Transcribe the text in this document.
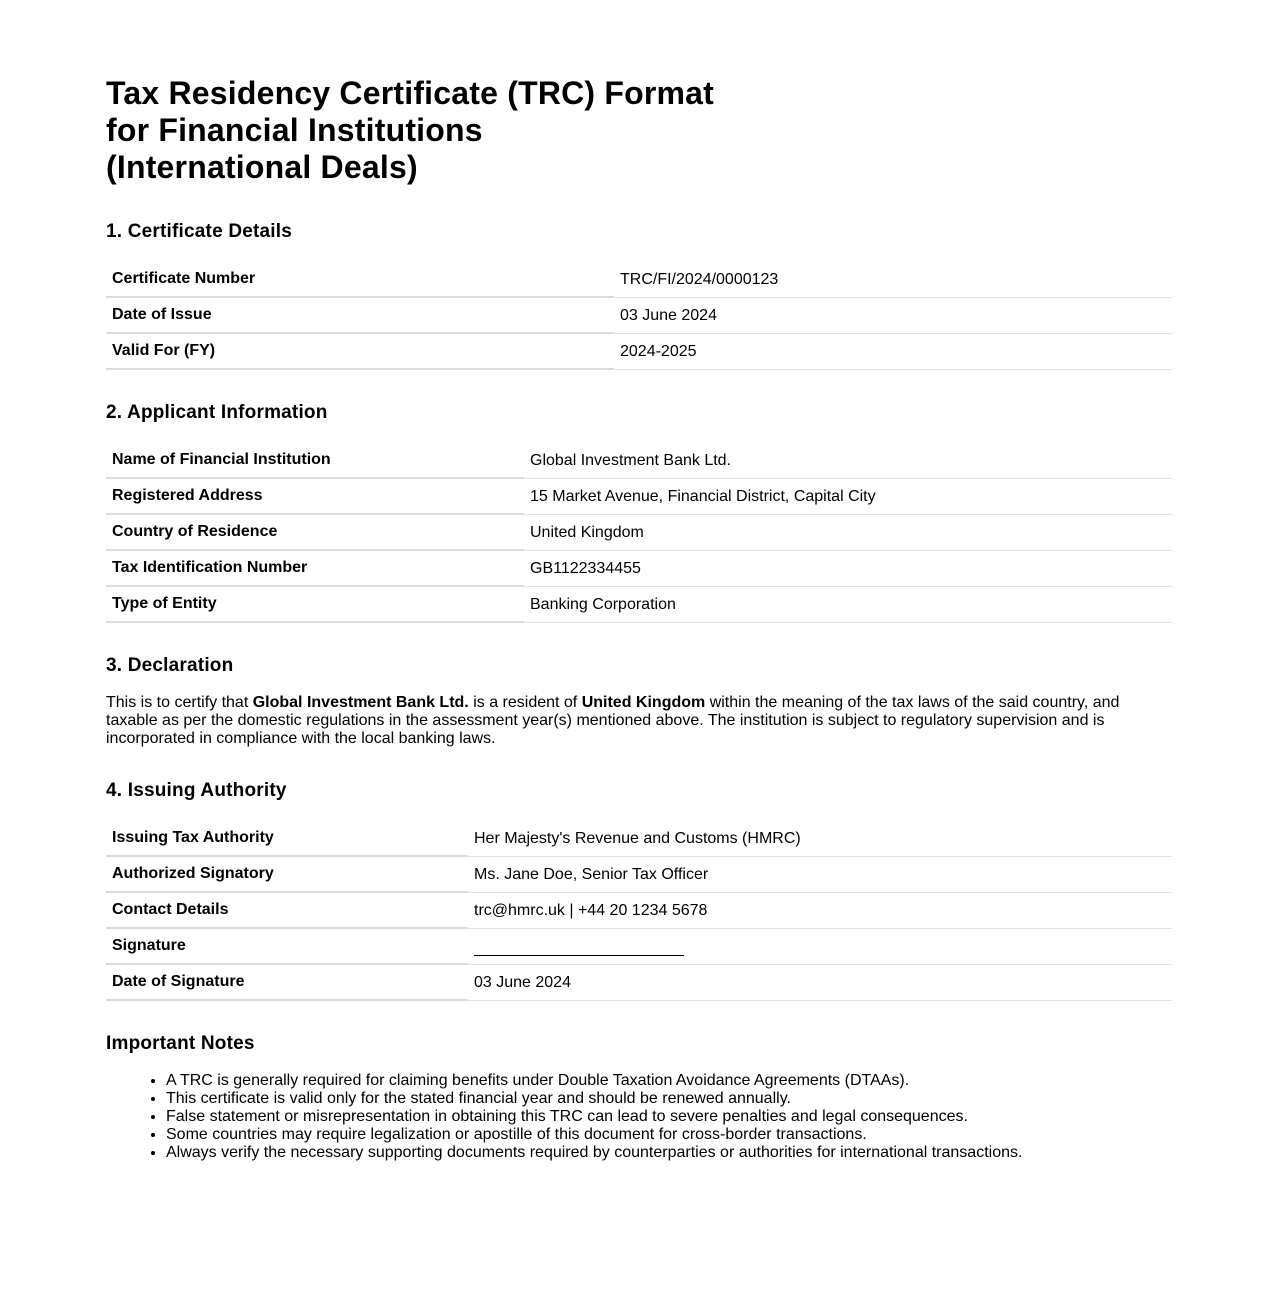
Tax Residency Certificate (TRC) Format
for Financial Institutions
(International Deals)
1. Certificate Details
Certificate Number	TRC/FI/2024/0000123
Date of Issue	03 June 2024
Valid For (FY)	2024-2025
2. Applicant Information
Name of Financial Institution	Global Investment Bank Ltd.
Registered Address	15 Market Avenue, Financial District, Capital City
Country of Residence	United Kingdom
Tax Identification Number	GB1122334455
Type of Entity	Banking Corporation
3. Declaration

This is to certify that Global Investment Bank Ltd. is a resident of United Kingdom within the meaning of the tax laws of the said country, and taxable as per the domestic regulations in the assessment year(s) mentioned above. The institution is subject to regulatory supervision and is incorporated in compliance with the local banking laws.

4. Issuing Authority
Issuing Tax Authority	Her Majesty's Revenue and Customs (HMRC)
Authorized Signatory	Ms. Jane Doe, Senior Tax Officer
Contact Details	trc@hmrc.uk | +44 20 1234 5678
Signature	
Date of Signature	03 June 2024
Important Notes
• A TRC is generally required for claiming benefits under Double Taxation Avoidance Agreements (DTAAs).
• This certificate is valid only for the stated financial year and should be renewed annually.
• False statement or misrepresentation in obtaining this TRC can lead to severe penalties and legal consequences.
• Some countries may require legalization or apostille of this document for cross-border transactions.
• Always verify the necessary supporting documents required by counterparties or authorities for international transactions.
